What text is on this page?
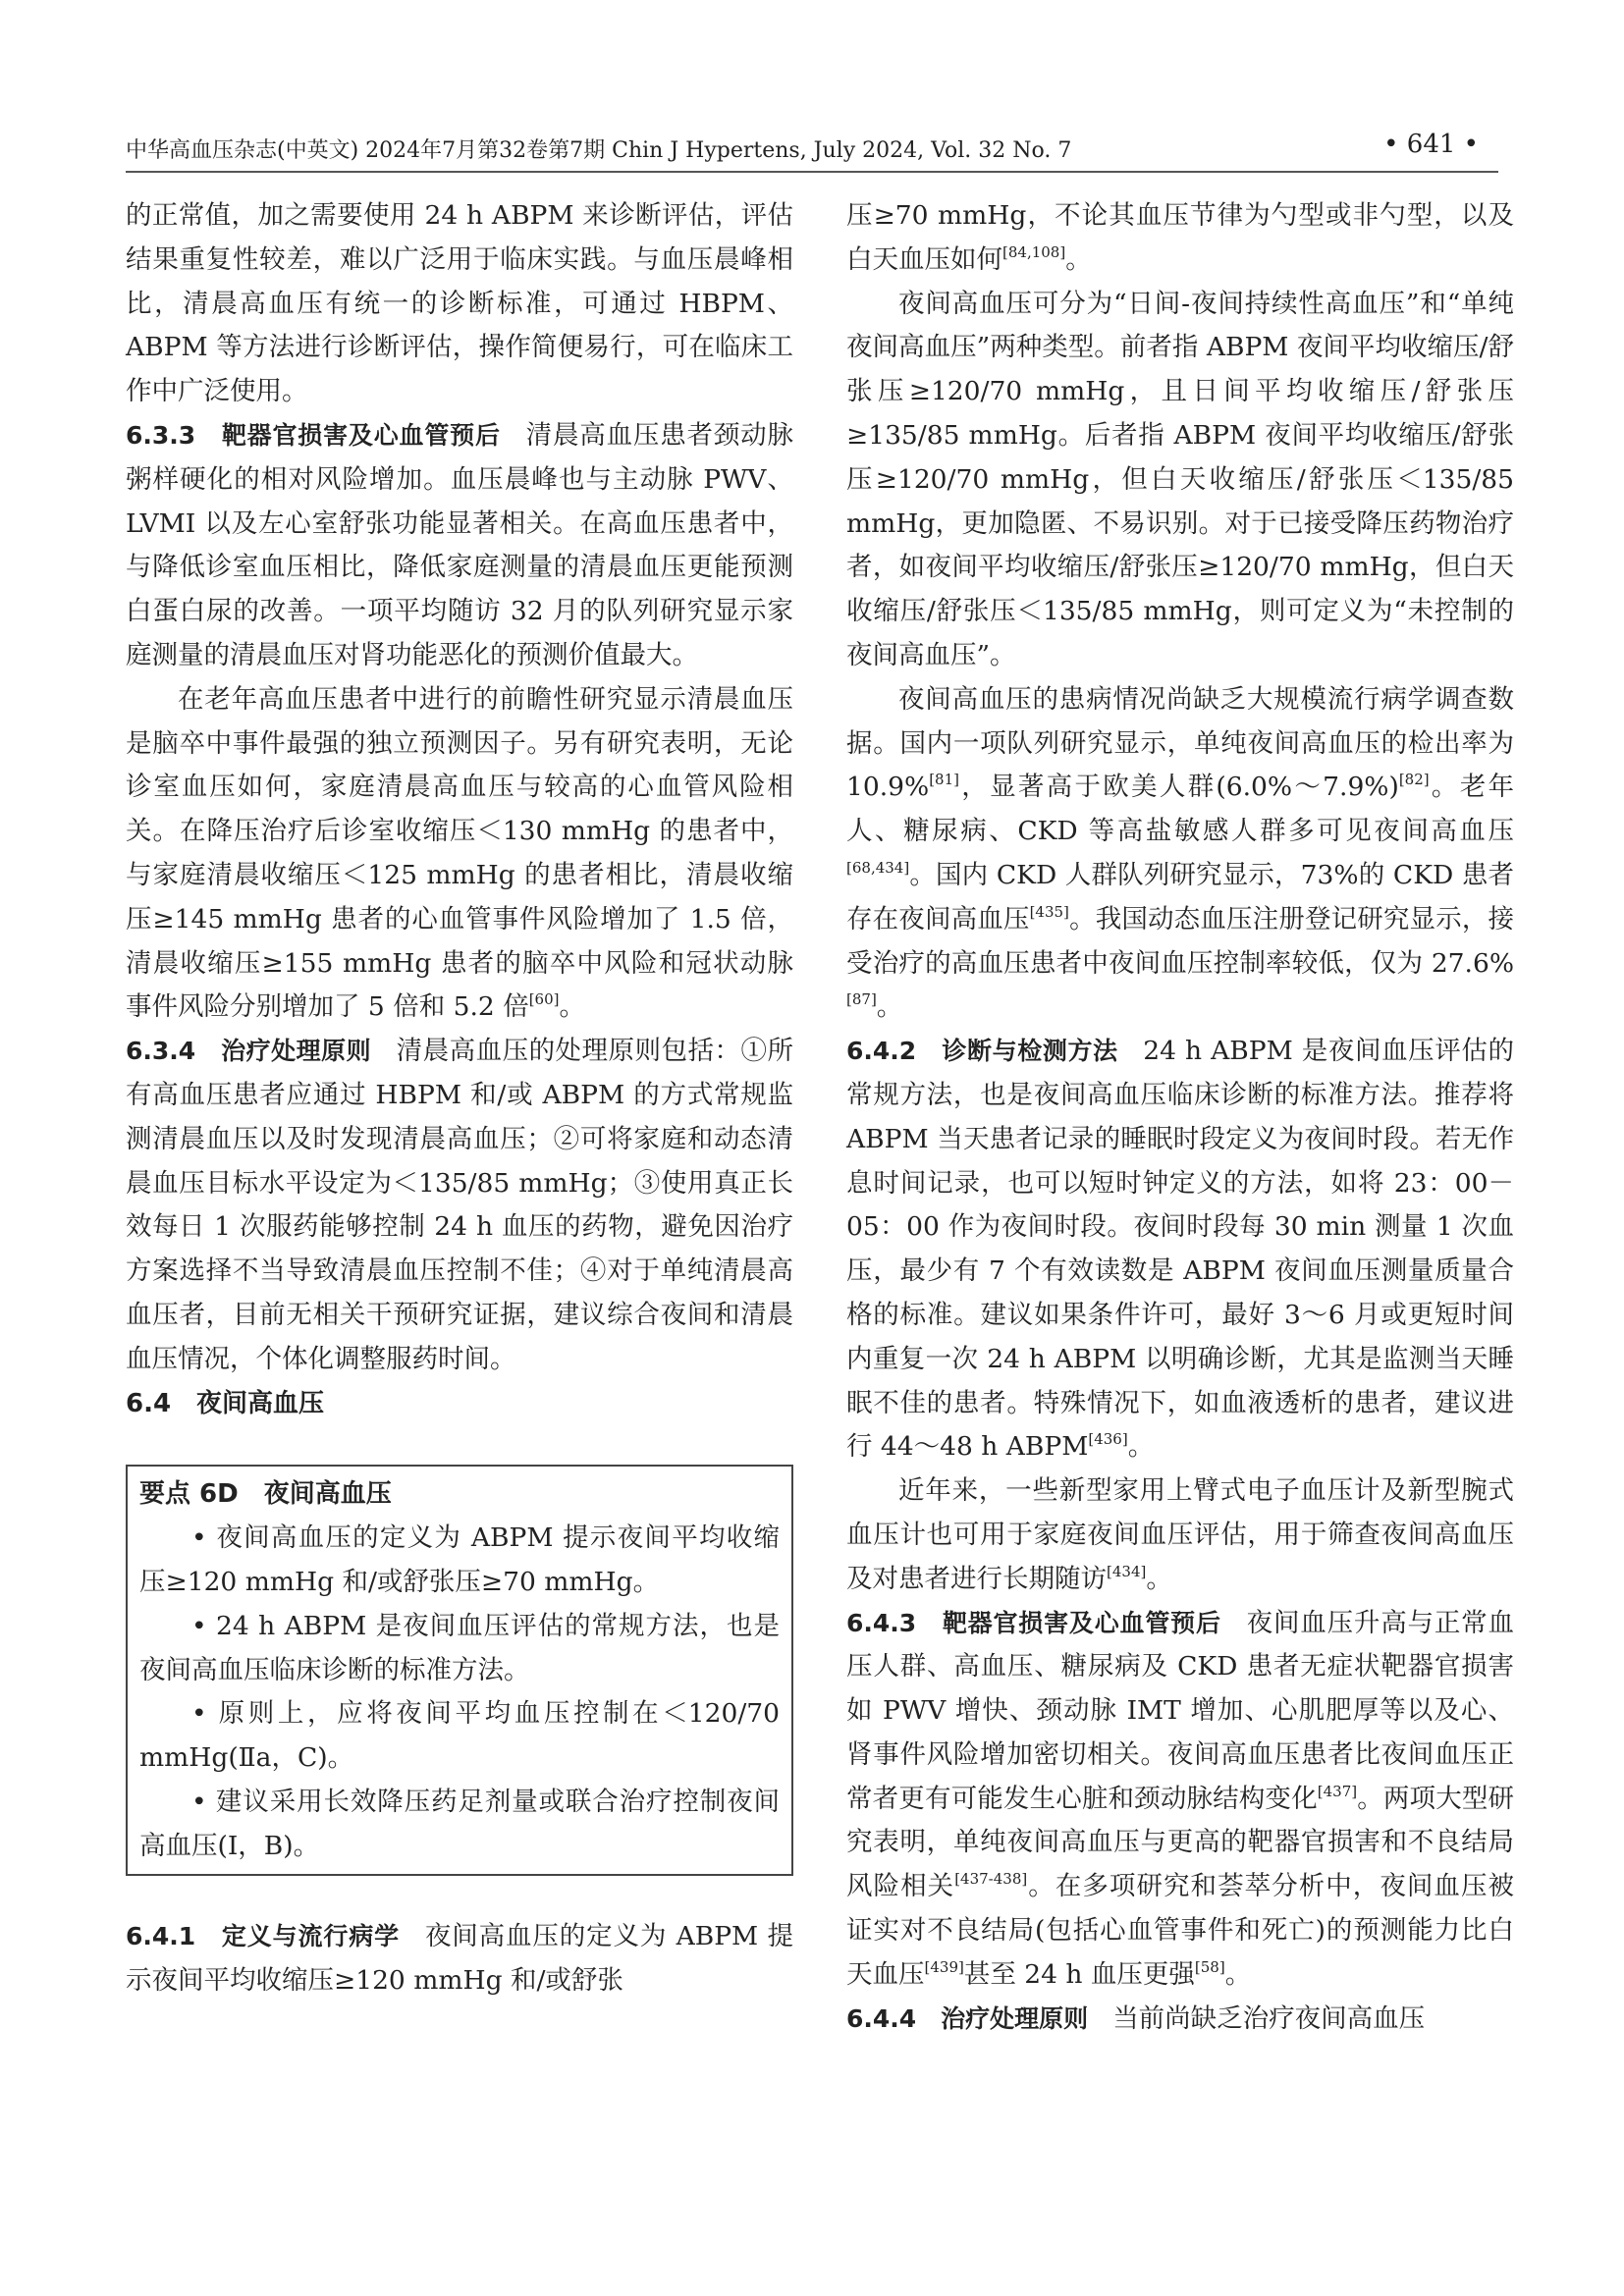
中华高血压杂志(中英文) 2024年7月第32卷第7期 Chin J Hypertens, July 2024, Vol. 32 No. 7	• 641 •

的正常值，加之需要使用 24 h ABPM 来诊断评估，评估结果重复性较差，难以广泛用于临床实践。与血压晨峰相比，清晨高血压有统一的诊断标准，可通过 HBPM、ABPM 等方法进行诊断评估，操作简便易行，可在临床工作中广泛使用。

6.3.3　靶器官损害及心血管预后　清晨高血压患者颈动脉粥样硬化的相对风险增加。血压晨峰也与主动脉 PWV、LVMI 以及左心室舒张功能显著相关。在高血压患者中，与降低诊室血压相比，降低家庭测量的清晨血压更能预测白蛋白尿的改善。一项平均随访 32 月的队列研究显示家庭测量的清晨血压对肾功能恶化的预测价值最大。

在老年高血压患者中进行的前瞻性研究显示清晨血压是脑卒中事件最强的独立预测因子。另有研究表明，无论诊室血压如何，家庭清晨高血压与较高的心血管风险相关。在降压治疗后诊室收缩压＜130 mmHg 的患者中，与家庭清晨收缩压＜125 mmHg 的患者相比，清晨收缩压≥145 mmHg 患者的心血管事件风险增加了 1.5 倍，清晨收缩压≥155 mmHg 患者的脑卒中风险和冠状动脉事件风险分别增加了 5 倍和 5.2 倍[60]。

6.3.4　治疗处理原则　清晨高血压的处理原则包括：①所有高血压患者应通过 HBPM 和/或 ABPM 的方式常规监测清晨血压以及时发现清晨高血压；②可将家庭和动态清晨血压目标水平设定为＜135/85 mmHg；③使用真正长效每日 1 次服药能够控制 24 h 血压的药物，避免因治疗方案选择不当导致清晨血压控制不佳；④对于单纯清晨高血压者，目前无相关干预研究证据，建议综合夜间和清晨血压情况，个体化调整服药时间。

6.4　夜间高血压

要点 6D　夜间高血压

• 夜间高血压的定义为 ABPM 提示夜间平均收缩压≥120 mmHg 和/或舒张压≥70 mmHg。

• 24 h ABPM 是夜间血压评估的常规方法，也是夜间高血压临床诊断的标准方法。

• 原则上，应将夜间平均血压控制在＜120/70 mmHg(Ⅱa，C)。

• 建议采用长效降压药足剂量或联合治疗控制夜间高血压(Ⅰ，B)。

6.4.1　定义与流行病学　夜间高血压的定义为 ABPM 提示夜间平均收缩压≥120 mmHg 和/或舒张

压≥70 mmHg，不论其血压节律为勺型或非勺型，以及白天血压如何[84,108]。

夜间高血压可分为“日间-夜间持续性高血压”和“单纯夜间高血压”两种类型。前者指 ABPM 夜间平均收缩压/舒张压≥120/70 mmHg，且日间平均收缩压/舒张压≥135/85 mmHg。后者指 ABPM 夜间平均收缩压/舒张压≥120/70 mmHg，但白天收缩压/舒张压＜135/85 mmHg，更加隐匿、不易识别。对于已接受降压药物治疗者，如夜间平均收缩压/舒张压≥120/70 mmHg，但白天收缩压/舒张压＜135/85 mmHg，则可定义为“未控制的夜间高血压”。

夜间高血压的患病情况尚缺乏大规模流行病学调查数据。国内一项队列研究显示，单纯夜间高血压的检出率为 10.9%[81]，显著高于欧美人群(6.0%～7.9%)[82]。老年人、糖尿病、CKD 等高盐敏感人群多可见夜间高血压[68,434]。国内 CKD 人群队列研究显示，73%的 CKD 患者存在夜间高血压[435]。我国动态血压注册登记研究显示，接受治疗的高血压患者中夜间血压控制率较低，仅为 27.6%[87]。

6.4.2　诊断与检测方法　24 h ABPM 是夜间血压评估的常规方法，也是夜间高血压临床诊断的标准方法。推荐将 ABPM 当天患者记录的睡眠时段定义为夜间时段。若无作息时间记录，也可以短时钟定义的方法，如将 23：00－05：00 作为夜间时段。夜间时段每 30 min 测量 1 次血压，最少有 7 个有效读数是 ABPM 夜间血压测量质量合格的标准。建议如果条件许可，最好 3～6 月或更短时间内重复一次 24 h ABPM 以明确诊断，尤其是监测当天睡眠不佳的患者。特殊情况下，如血液透析的患者，建议进行 44～48 h ABPM[436]。

近年来，一些新型家用上臂式电子血压计及新型腕式血压计也可用于家庭夜间血压评估，用于筛查夜间高血压及对患者进行长期随访[434]。

6.4.3　靶器官损害及心血管预后　夜间血压升高与正常血压人群、高血压、糖尿病及 CKD 患者无症状靶器官损害如 PWV 增快、颈动脉 IMT 增加、心肌肥厚等以及心、肾事件风险增加密切相关。夜间高血压患者比夜间血压正常者更有可能发生心脏和颈动脉结构变化[437]。两项大型研究表明，单纯夜间高血压与更高的靶器官损害和不良结局风险相关[437-438]。在多项研究和荟萃分析中，夜间血压被证实对不良结局(包括心血管事件和死亡)的预测能力比白天血压[439]甚至 24 h 血压更强[58]。

6.4.4　治疗处理原则　当前尚缺乏治疗夜间高血压
